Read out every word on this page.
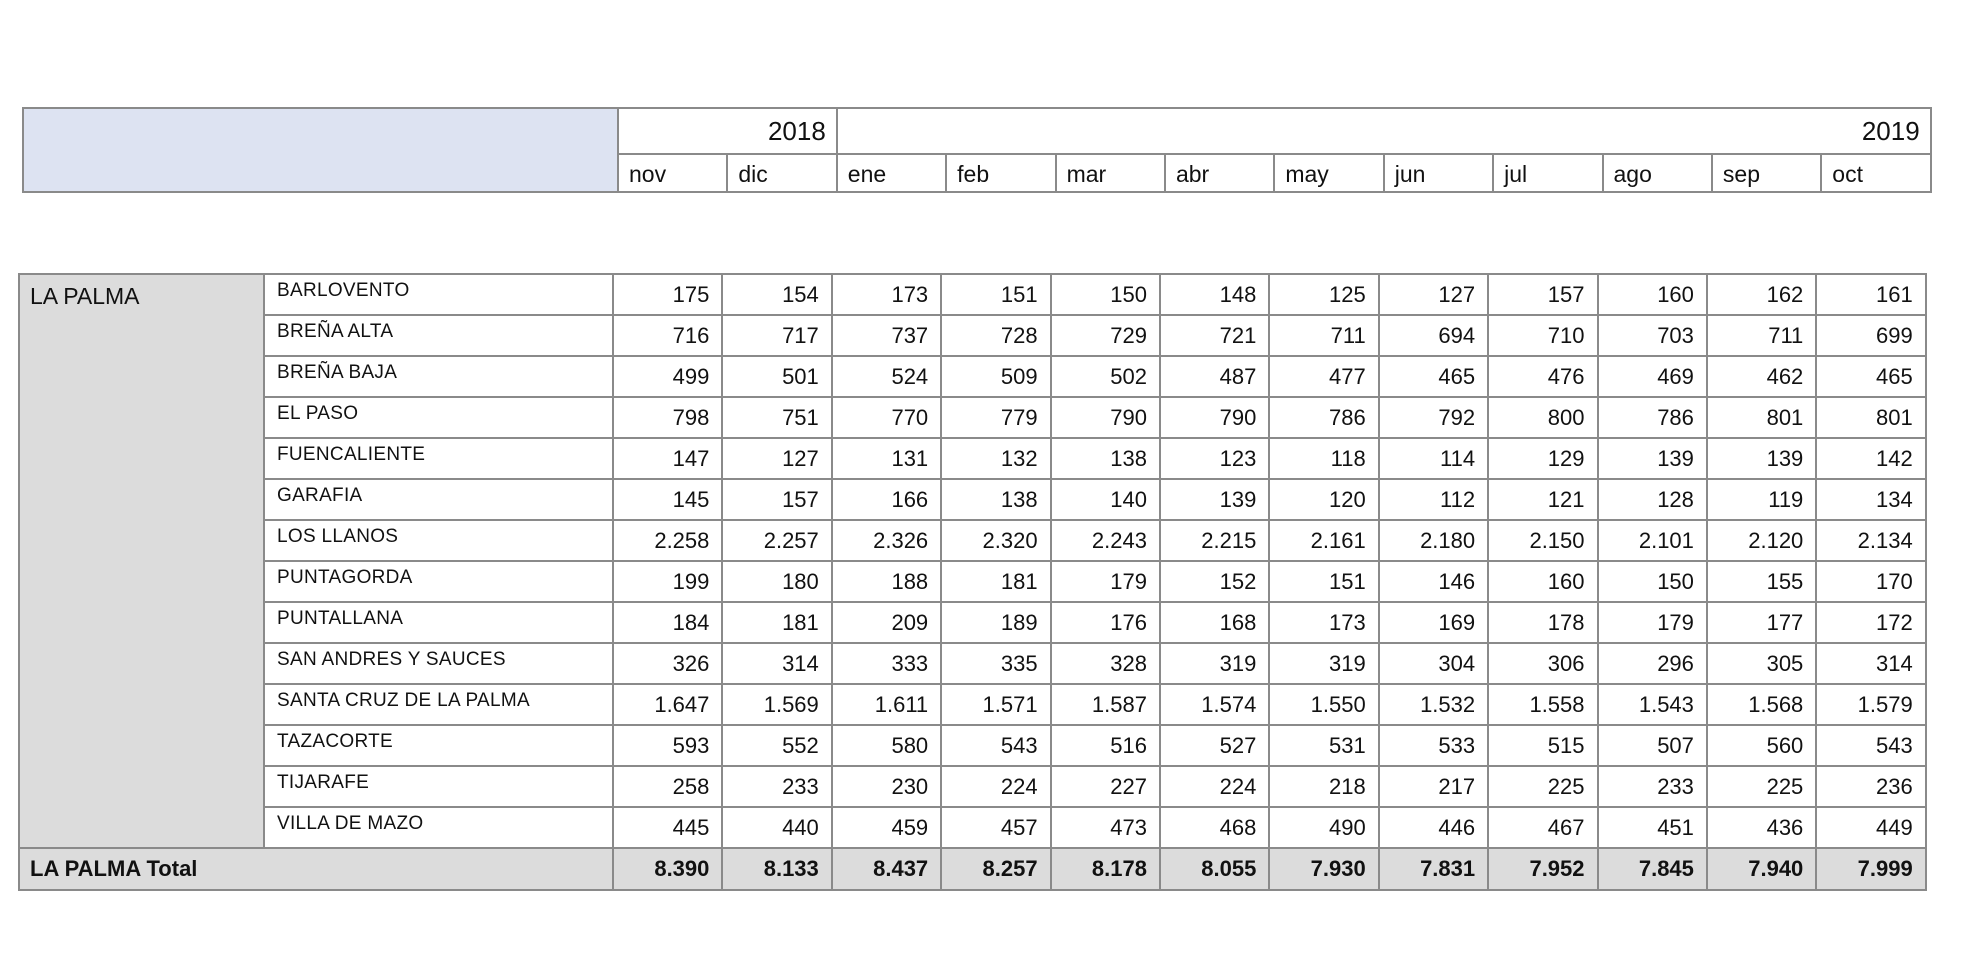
	2018		2019									
	nov	dic	ene	feb	mar	abr	may	jun	jul	ago	sep	oct
LA PALMA	BARLOVENTO	175	154	173	151	150	148	125	127	157	160	162	161
	BREÑA ALTA	716	717	737	728	729	721	711	694	710	703	711	699
	BREÑA BAJA	499	501	524	509	502	487	477	465	476	469	462	465
	EL PASO	798	751	770	779	790	790	786	792	800	786	801	801
	FUENCALIENTE	147	127	131	132	138	123	118	114	129	139	139	142
	GARAFIA	145	157	166	138	140	139	120	112	121	128	119	134
	LOS LLANOS	2.258	2.257	2.326	2.320	2.243	2.215	2.161	2.180	2.150	2.101	2.120	2.134
	PUNTAGORDA	199	180	188	181	179	152	151	146	160	150	155	170
	PUNTALLANA	184	181	209	189	176	168	173	169	178	179	177	172
	SAN ANDRES Y SAUCES	326	314	333	335	328	319	319	304	306	296	305	314
	SANTA CRUZ DE LA PALMA	1.647	1.569	1.611	1.571	1.587	1.574	1.550	1.532	1.558	1.543	1.568	1.579
	TAZACORTE	593	552	580	543	516	527	531	533	515	507	560	543
	TIJARAFE	258	233	230	224	227	224	218	217	225	233	225	236
	VILLA DE MAZO	445	440	459	457	473	468	490	446	467	451	436	449
LA PALMA Total		8.390	8.133	8.437	8.257	8.178	8.055	7.930	7.831	7.952	7.845	7.940	7.999
